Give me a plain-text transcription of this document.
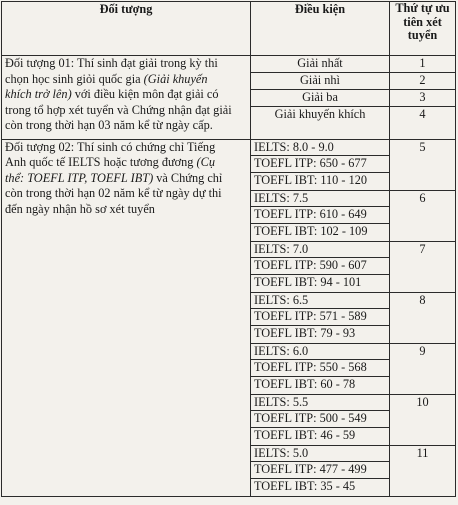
Đối tượng	Điều kiện	Thứ tự ưu
tiên xét
tuyển

Đối tượng 01: Thí sinh đạt giải trong kỳ thi
chọn học sinh giỏi quốc gia (Giải khuyến
khích trở lên) với điều kiện môn đạt giải có
trong tổ hợp xét tuyển và Chứng nhận đạt giải
còn trong thời hạn 03 năm kể từ ngày cấp.	Giải nhất	1
	Giải nhì	2
	Giải ba	3
	Giải khuyến khích	4

Đối tượng 02: Thí sinh có chứng chỉ Tiếng
Anh quốc tế IELTS hoặc tương đương (Cụ
thể: TOEFL ITP, TOEFL IBT) và Chứng chỉ
còn trong thời hạn 02 năm kể từ ngày dự thi
đến ngày nhận hồ sơ xét tuyển	IELTS: 8.0 - 9.0
TOEFL ITP: 650 - 677
TOEFL IBT: 110 - 120	5

	IELTS: 7.5
TOEFL ITP: 610 - 649
TOEFL IBT: 102 - 109	6

	IELTS: 7.0
TOEFL ITP: 590 - 607
TOEFL IBT: 94 - 101	7

	IELTS: 6.5
TOEFL ITP: 571 - 589
TOEFL IBT: 79 - 93	8

	IELTS: 6.0
TOEFL ITP: 550 - 568
TOEFL IBT: 60 - 78	9

	IELTS: 5.5
TOEFL ITP: 500 - 549
TOEFL IBT: 46 - 59	10

	IELTS: 5.0
TOEFL ITP: 477 - 499
TOEFL IBT: 35 - 45	11
